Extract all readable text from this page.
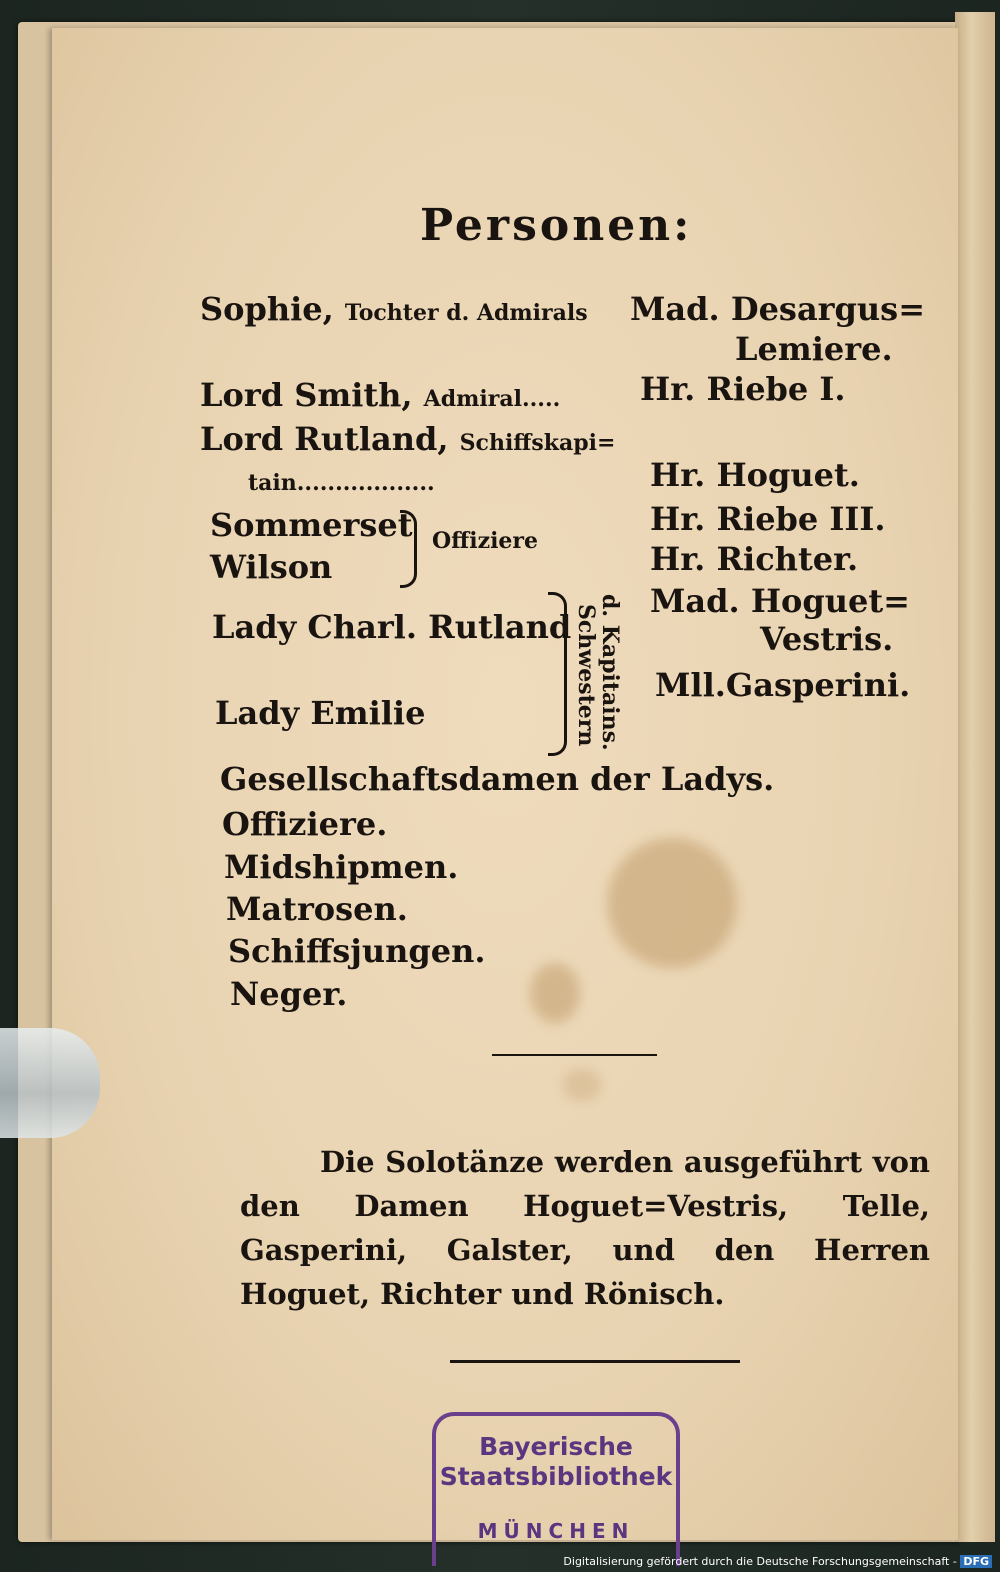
Personen:
Sophie, Tochter d. Admirals Mad. Desargus=
Lemiere.
Lord Smith, Admiral..... Hr. Riebe I.
Lord Rutland, Schiffskapi=
tain..................	Hr. Hoguet.
Sommerset
Wilson
Offiziere
Hr. Riebe III.
Hr. Richter.
Lady Charl. Rutland
Lady Emilie	d. Kapitains.
Schwestern
Mad. Hoguet=
Vestris.
Mll.Gasperini.
Gesellschaftsdamen der Ladys.
Offiziere.
Midshipmen.
Matrosen.
Schiffsjungen.
Neger.
Die Solotänze werden ausgeführt von den Damen Hoguet=Vestris, Telle, Gasperini, Galster, und den Herren Hoguet, Richter und Rönisch.
Bayerische
Staatsbibliothek
MÜNCHEN
Digitalisierung gefördert durch die Deutsche Forschungsgemeinschaft - DFG
